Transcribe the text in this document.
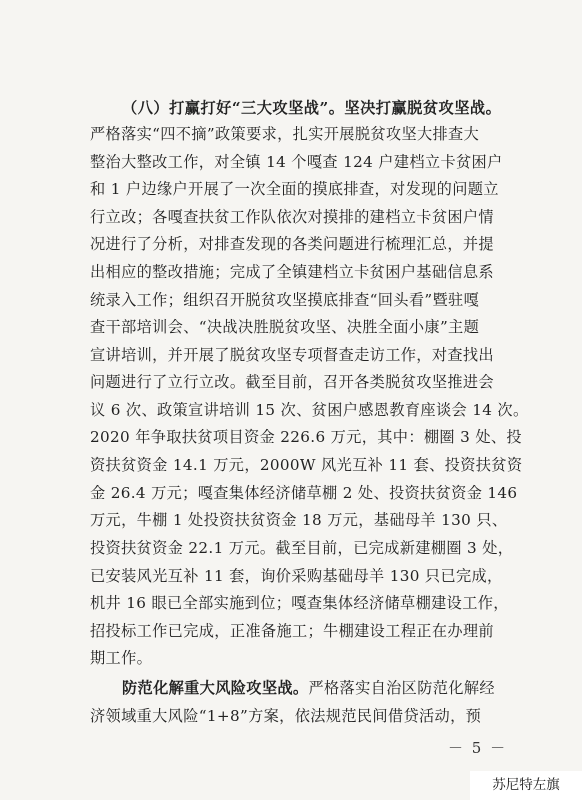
（八）打赢打好“三大攻坚战”。坚决打赢脱贫攻坚战。
严格落实“四不摘”政策要求，扎实开展脱贫攻坚大排查大
整治大整改工作，对全镇 14 个嘎查 124 户建档立卡贫困户
和 1 户边缘户开展了一次全面的摸底排查，对发现的问题立
行立改；各嘎查扶贫工作队依次对摸排的建档立卡贫困户情
况进行了分析，对排查发现的各类问题进行梳理汇总，并提
出相应的整改措施；完成了全镇建档立卡贫困户基础信息系
统录入工作；组织召开脱贫攻坚摸底排查“回头看”暨驻嘎
查干部培训会、“决战决胜脱贫攻坚、决胜全面小康”主题
宣讲培训，并开展了脱贫攻坚专项督查走访工作，对查找出
问题进行了立行立改。截至目前，召开各类脱贫攻坚推进会
议 6 次、政策宣讲培训 15 次、贫困户感恩教育座谈会 14 次。
2020 年争取扶贫项目资金 226.6 万元，其中：棚圈 3 处、投
资扶贫资金 14.1 万元，2000W 风光互补 11 套、投资扶贫资
金 26.4 万元；嘎查集体经济储草棚 2 处、投资扶贫资金 146
万元，牛棚 1 处投资扶贫资金 18 万元，基础母羊 130 只、
投资扶贫资金 22.1 万元。截至目前，已完成新建棚圈 3 处，
已安装风光互补 11 套，询价采购基础母羊 130 只已完成，
机井 16 眼已全部实施到位；嘎查集体经济储草棚建设工作，
招投标工作已完成，正准备施工；牛棚建设工程正在办理前
期工作。
防范化解重大风险攻坚战。严格落实自治区防范化解经
济领域重大风险“1+8”方案，依法规范民间借贷活动，预
－ 5 －
苏尼特左旗
